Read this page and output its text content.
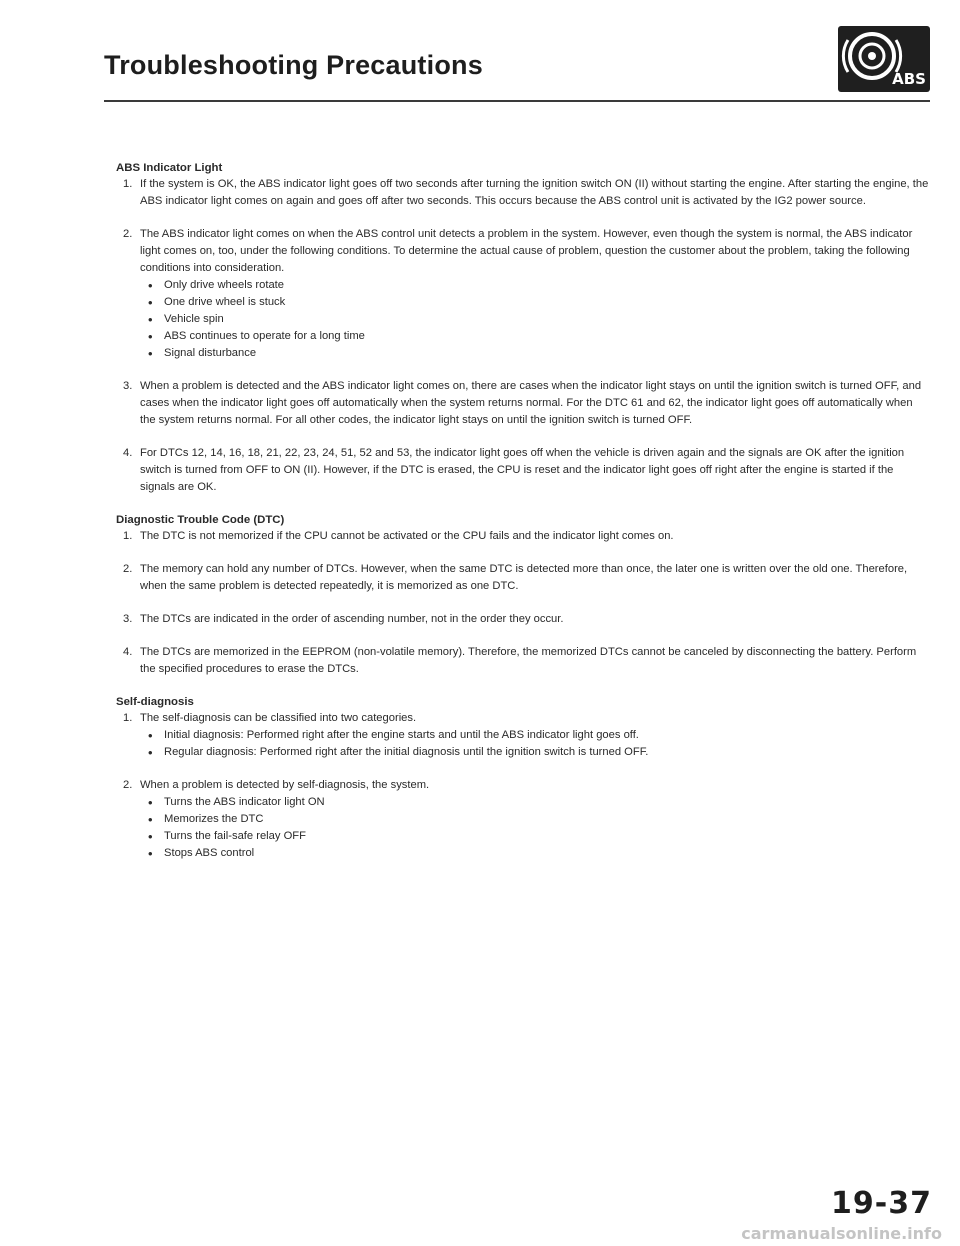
Troubleshooting Precautions	ABS

ABS Indicator Light

1. If the system is OK, the ABS indicator light goes off two seconds after turning the ignition switch ON (II) without starting the engine. After starting the engine, the ABS indicator light comes on again and goes off after two seconds. This occurs because the ABS control unit is activated by the IG2 power source.
2. The ABS indicator light comes on when the ABS control unit detects a problem in the system. However, even though the system is normal, the ABS indicator light comes on, too, under the following conditions. To determine the actual cause of problem, question the customer about the problem, taking the following conditions into consideration.
• Only drive wheels rotate
• One drive wheel is stuck
• Vehicle spin
• ABS continues to operate for a long time
• Signal disturbance
3. When a problem is detected and the ABS indicator light comes on, there are cases when the indicator light stays on until the ignition switch is turned OFF, and cases when the indicator light goes off automatically when the system returns normal. For the DTC 61 and 62, the indicator light goes off automatically when the system returns normal. For all other codes, the indicator light stays on until the ignition switch is turned OFF.
4. For DTCs 12, 14, 16, 18, 21, 22, 23, 24, 51, 52 and 53, the indicator light goes off when the vehicle is driven again and the signals are OK after the ignition switch is turned from OFF to ON (II). However, if the DTC is erased, the CPU is reset and the indicator light goes off right after the engine is started if the signals are OK.

Diagnostic Trouble Code (DTC)

1. The DTC is not memorized if the CPU cannot be activated or the CPU fails and the indicator light comes on.
2. The memory can hold any number of DTCs. However, when the same DTC is detected more than once, the later one is written over the old one. Therefore, when the same problem is detected repeatedly, it is memorized as one DTC.
3. The DTCs are indicated in the order of ascending number, not in the order they occur.
4. The DTCs are memorized in the EEPROM (non-volatile memory). Therefore, the memorized DTCs cannot be canceled by disconnecting the battery. Perform the specified procedures to erase the DTCs.

Self-diagnosis

1. The self-diagnosis can be classified into two categories.
• Initial diagnosis: Performed right after the engine starts and until the ABS indicator light goes off.
• Regular diagnosis: Performed right after the initial diagnosis until the ignition switch is turned OFF.
2. When a problem is detected by self-diagnosis, the system.
• Turns the ABS indicator light ON
• Memorizes the DTC
• Turns the fail-safe relay OFF
• Stops ABS control
19-37
carmanualsonline.info
